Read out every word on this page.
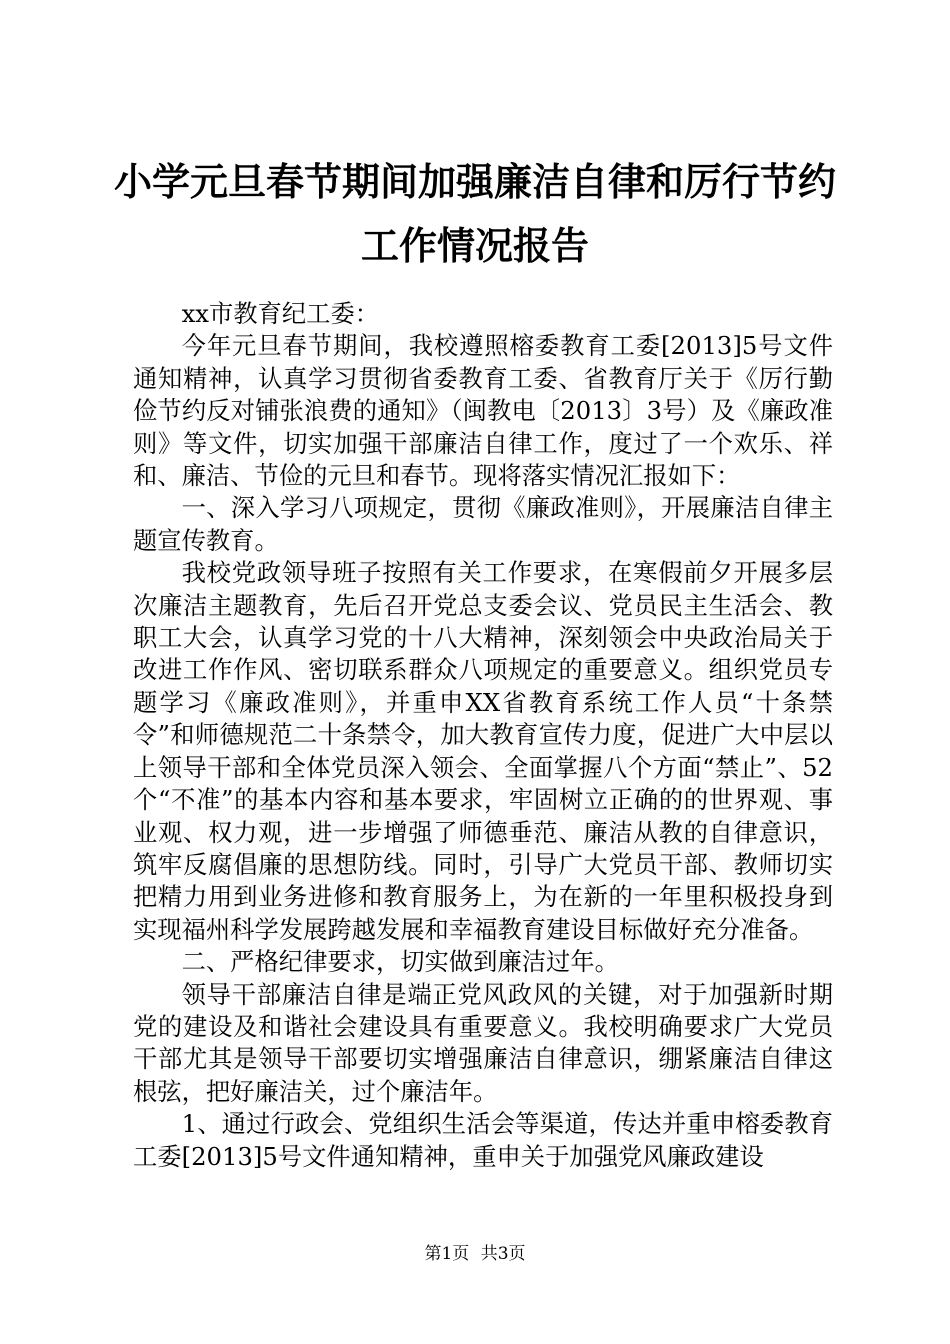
小学元旦春节期间加强廉洁自律和厉行节约工作情况报告

xx市教育纪工委：

今年元旦春节期间，我校遵照榕委教育工委[2013]5号文件通知精神，认真学习贯彻省委教育工委、省教育厅关于《厉行勤俭节约反对铺张浪费的通知》（闽教电〔2013〕3号）及《廉政准则》等文件，切实加强干部廉洁自律工作，度过了一个欢乐、祥和、廉洁、节俭的元旦和春节。现将落实情况汇报如下：

一、深入学习八项规定，贯彻《廉政准则》，开展廉洁自律主题宣传教育。

我校党政领导班子按照有关工作要求，在寒假前夕开展多层次廉洁主题教育，先后召开党总支委会议、党员民主生活会、教职工大会，认真学习党的十八大精神，深刻领会中央政治局关于改进工作作风、密切联系群众八项规定的重要意义。组织党员专题学习《廉政准则》，并重申XX省教育系统工作人员“十条禁令”和师德规范二十条禁令，加大教育宣传力度，促进广大中层以上领导干部和全体党员深入领会、全面掌握八个方面“禁止”、52个“不准”的基本内容和基本要求，牢固树立正确的的世界观、事业观、权力观，进一步增强了师德垂范、廉洁从教的自律意识，筑牢反腐倡廉的思想防线。同时，引导广大党员干部、教师切实把精力用到业务进修和教育服务上，为在新的一年里积极投身到实现福州科学发展跨越发展和幸福教育建设目标做好充分准备。

二、严格纪律要求，切实做到廉洁过年。

领导干部廉洁自律是端正党风政风的关键，对于加强新时期党的建设及和谐社会建设具有重要意义。我校明确要求广大党员干部尤其是领导干部要切实增强廉洁自律意识，绷紧廉洁自律这根弦，把好廉洁关，过个廉洁年。

1、通过行政会、党组织生活会等渠道，传达并重申榕委教育工委[2013]5号文件通知精神，重申关于加强党风廉政建设

第1页 共3页
